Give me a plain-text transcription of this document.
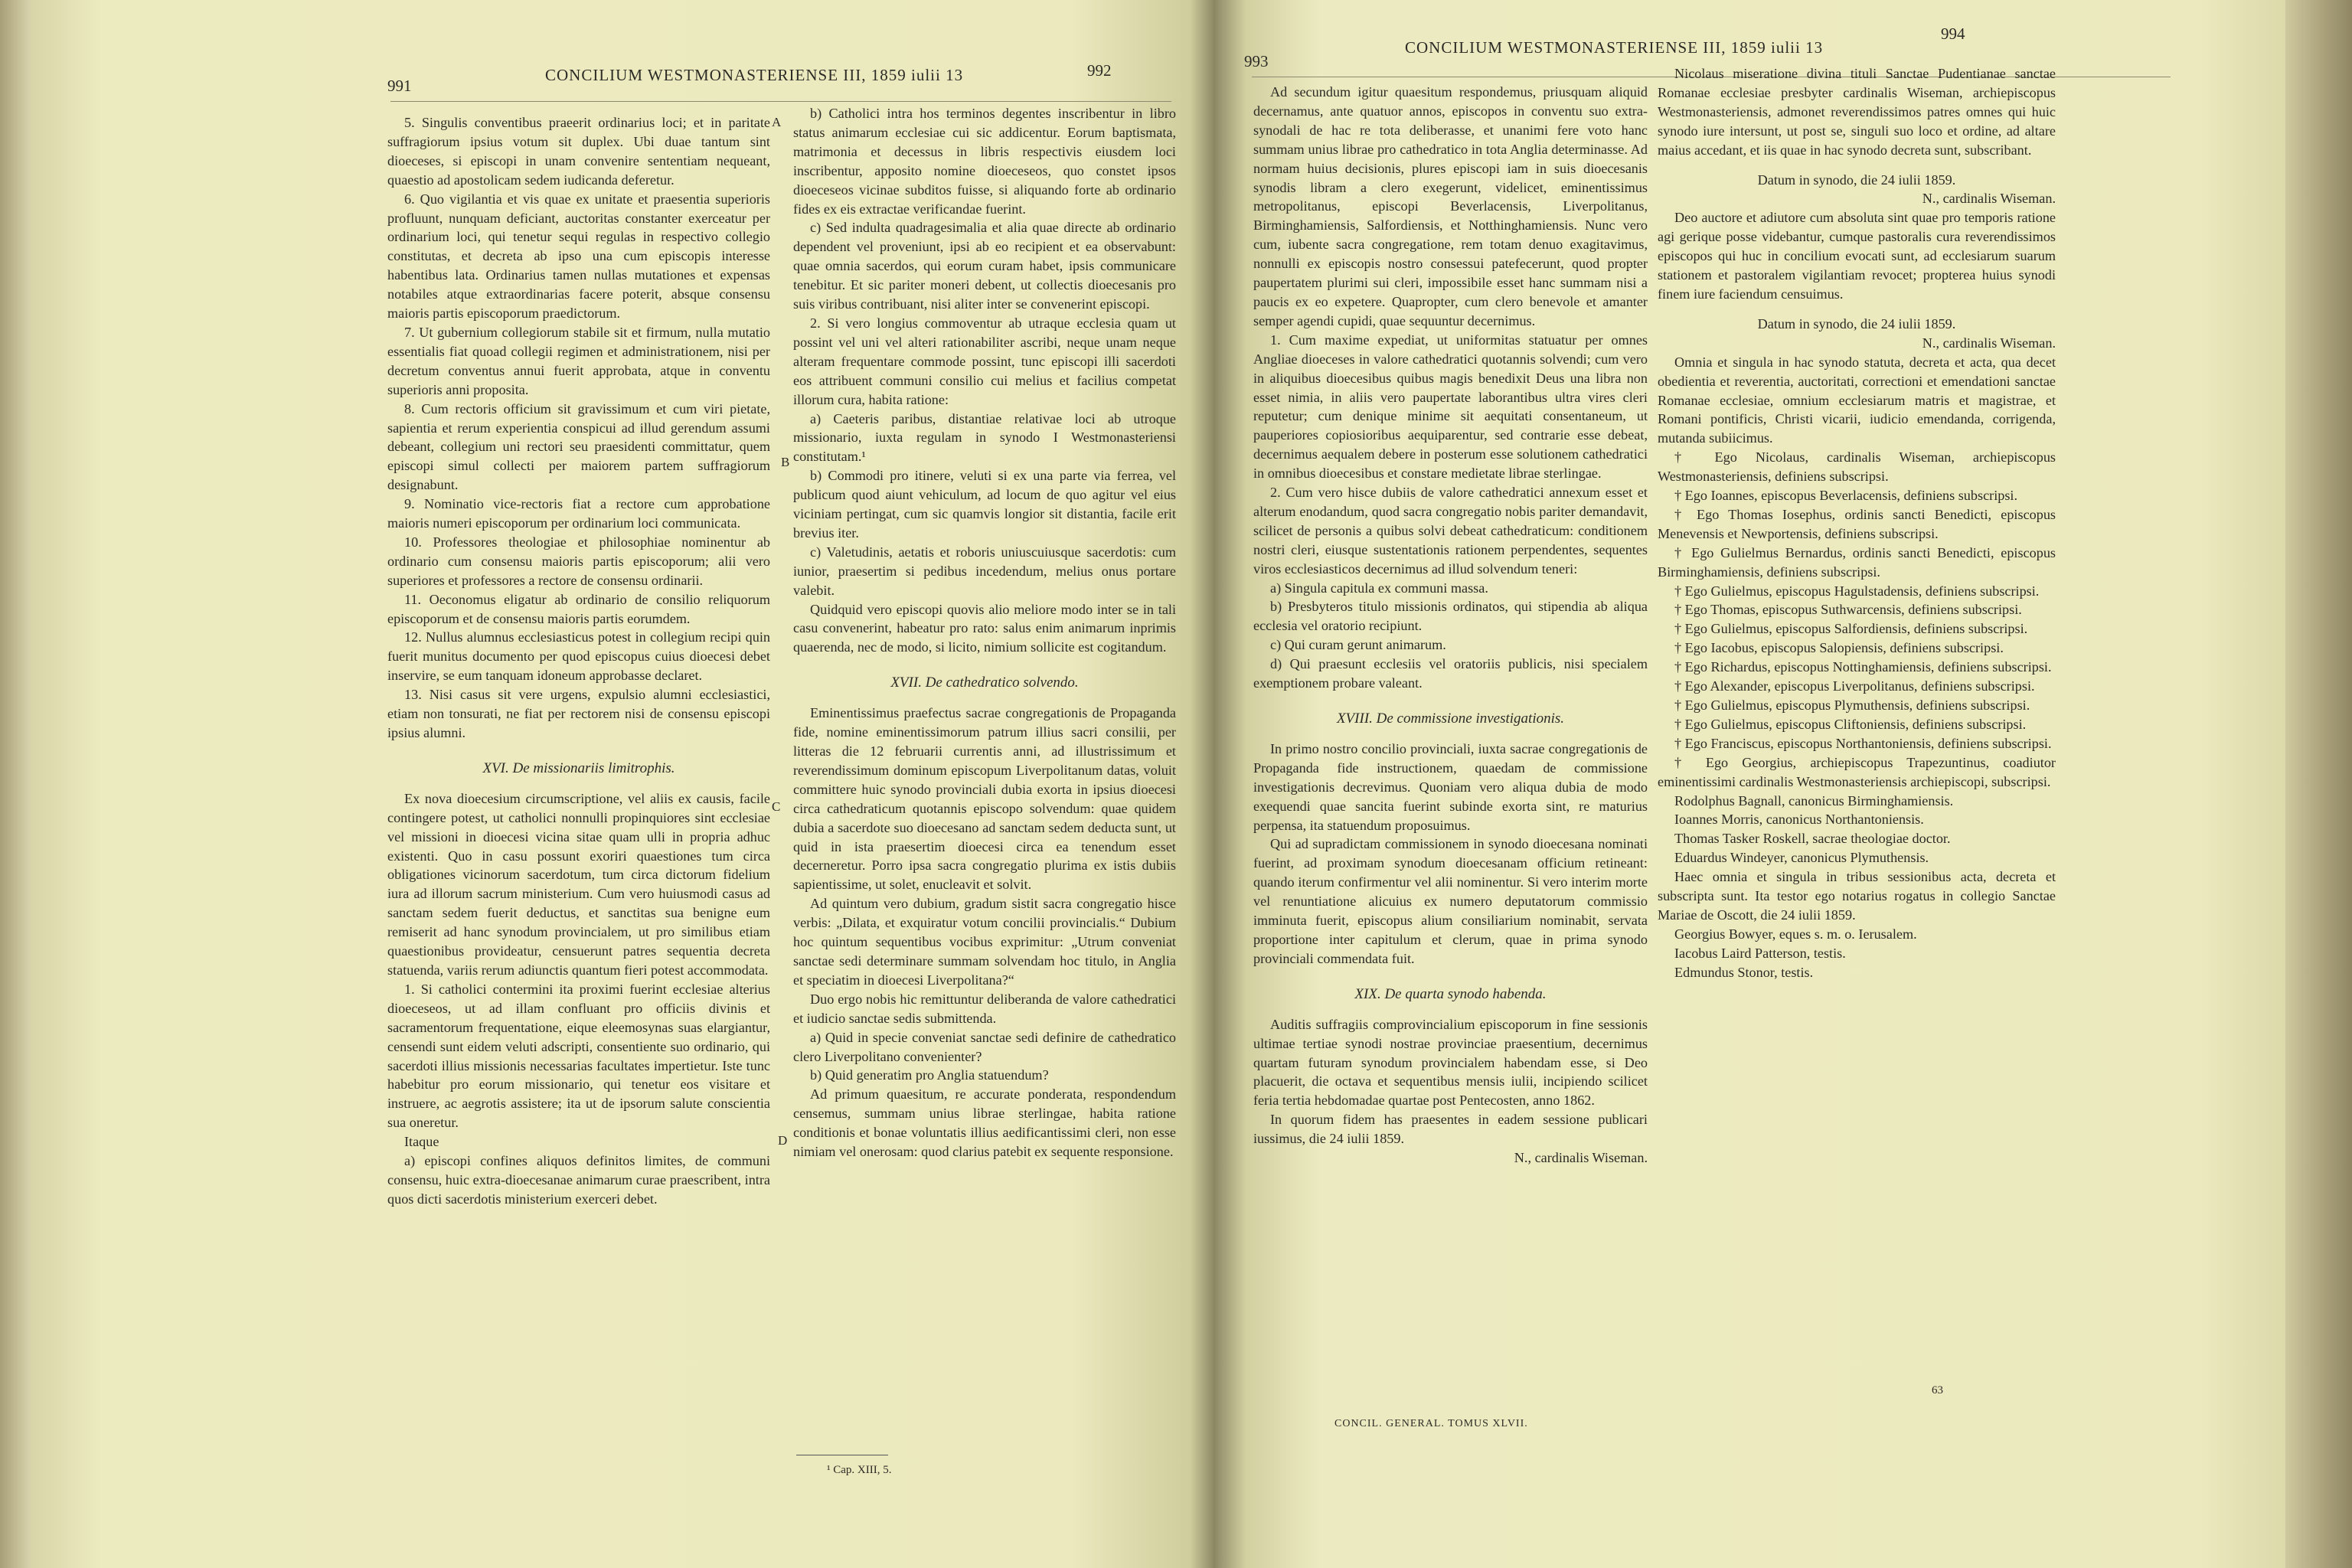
991
CONCILIUM WESTMONASTERIENSE III, 1859 iulii 13	992

5. Singulis conventibus praeerit ordinarius loci; et in paritate suffragiorum ipsius votum sit duplex. Ubi duae tantum sint dioeceses, si episcopi in unam convenire sententiam nequeant, quaestio ad apostolicam sedem iudicanda deferetur.

6. Quo vigilantia et vis quae ex unitate et praesentia superioris profluunt, nunquam deficiant, auctoritas constanter exerceatur per ordinarium loci, qui tenetur sequi regulas in respectivo collegio constitutas, et decreta ab ipso una cum episcopis interesse habentibus lata. Ordinarius tamen nullas mutationes et expensas notabiles atque extraordinarias facere poterit, absque consensu maioris partis episcoporum praedictorum.

7. Ut gubernium collegiorum stabile sit et firmum, nulla mutatio essentialis fiat quoad collegii regimen et administrationem, nisi per decretum conventus annui fuerit approbata, atque in conventu superioris anni proposita.

8. Cum rectoris officium sit gravissimum et cum viri pietate, sapientia et rerum experientia conspicui ad illud gerendum assumi debeant, collegium uni rectori seu praesidenti committatur, quem episcopi simul collecti per maiorem partem suffragiorum designabunt.

9. Nominatio vice-rectoris fiat a rectore cum approbatione maioris numeri episcoporum per ordinarium loci communicata.

10. Professores theologiae et philosophiae nominentur ab ordinario cum consensu maioris partis episcoporum; alii vero superiores et professores a rectore de consensu ordinarii.

11. Oeconomus eligatur ab ordinario de consilio reliquorum episcoporum et de consensu maioris partis eorumdem.

12. Nullus alumnus ecclesiasticus potest in collegium recipi quin fuerit munitus documento per quod episcopus cuius dioecesi debet inservire, se eum tanquam idoneum approbasse declaret.

13. Nisi casus sit vere urgens, expulsio alumni ecclesiastici, etiam non tonsurati, ne fiat per rectorem nisi de consensu episcopi ipsius alumni.

XVI. De missionariis limitrophis.

Ex nova dioecesium circumscriptione, vel aliis ex causis, facile contingere potest, ut catholici nonnulli propinquiores sint ecclesiae vel missioni in dioecesi vicina sitae quam ulli in propria adhuc existenti. Quo in casu possunt exoriri quaestiones tum circa obligationes vicinorum sacerdotum, tum circa dictorum fidelium iura ad illorum sacrum ministerium. Cum vero huiusmodi casus ad sanctam sedem fuerit deductus, et sanctitas sua benigne eum remiserit ad hanc synodum provincialem, ut pro similibus etiam quaestionibus provideatur, censuerunt patres sequentia decreta statuenda, variis rerum adiunctis quantum fieri potest accommodata.

1. Si catholici contermini ita proximi fuerint ecclesiae alterius dioeceseos, ut ad illam confluant pro officiis divinis et sacramentorum frequentatione, eique eleemosynas suas elargiantur, censendi sunt eidem veluti adscripti, consentiente suo ordinario, qui sacerdoti illius missionis necessarias facultates impertietur. Iste tunc habebitur pro eorum missionario, qui tenetur eos visitare et instruere, ac aegrotis assistere; ita ut de ipsorum salute conscientia sua oneretur.

Itaque

a) episcopi confines aliquos definitos limites, de communi consensu, huic extra-dioecesanae animarum curae praescribent, intra quos dicti sacerdotis ministerium exerceri debet.

b) Catholici intra hos terminos degentes inscribentur in libro status animarum ecclesiae cui sic addicentur. Eorum baptismata, matrimonia et decessus in libris respectivis eiusdem loci inscribentur, apposito nomine dioeceseos, quo constet ipsos dioeceseos vicinae subditos fuisse, si aliquando forte ab ordinario fides ex eis extractae verificandae fuerint.

c) Sed indulta quadragesimalia et alia quae directe ab ordinario dependent vel proveniunt, ipsi ab eo recipient et ea observabunt: quae omnia sacerdos, qui eorum curam habet, ipsis communicare tenebitur. Et sic pariter moneri debent, ut collectis dioecesanis pro suis viribus contribuant, nisi aliter inter se convenerint episcopi.

2. Si vero longius commoventur ab utraque ecclesia quam ut possint vel uni vel alteri rationabiliter ascribi, neque unam neque alteram frequentare commode possint, tunc episcopi illi sacerdoti eos attribuent communi consilio cui melius et facilius competat illorum cura, habita ratione:

a) Caeteris paribus, distantiae relativae loci ab utroque missionario, iuxta regulam in synodo I Westmonasteriensi constitutam.¹

b) Commodi pro itinere, veluti si ex una parte via ferrea, vel publicum quod aiunt vehiculum, ad locum de quo agitur vel eius viciniam pertingat, cum sic quamvis longior sit distantia, facile erit brevius iter.

c) Valetudinis, aetatis et roboris uniuscuiusque sacerdotis: cum iunior, praesertim si pedibus incedendum, melius onus portare valebit.

Quidquid vero episcopi quovis alio meliore modo inter se in tali casu convenerint, habeatur pro rato: salus enim animarum inprimis quaerenda, nec de modo, si licito, nimium sollicite est cogitandum.

XVII. De cathedratico solvendo.

Eminentissimus praefectus sacrae congregationis de Propaganda fide, nomine eminentissimorum patrum illius sacri consilii, per litteras die 12 februarii currentis anni, ad illustrissimum et reverendissimum dominum episcopum Liverpolitanum datas, voluit committere huic synodo provinciali dubia exorta in ipsius dioecesi circa cathedraticum quotannis episcopo solvendum: quae quidem dubia a sacerdote suo dioecesano ad sanctam sedem deducta sunt, ut quid in ista praesertim dioecesi circa ea tenendum esset decerneretur. Porro ipsa sacra congregatio plurima ex istis dubiis sapientissime, ut solet, enucleavit et solvit.

Ad quintum vero dubium, gradum sistit sacra congregatio hisce verbis: „Dilata, et exquiratur votum concilii provincialis.“ Dubium hoc quintum sequentibus vocibus exprimitur: „Utrum conveniat sanctae sedi determinare summam solvendam hoc titulo, in Anglia et speciatim in dioecesi Liverpolitana?“

Duo ergo nobis hic remittuntur deliberanda de valore cathedratici et iudicio sanctae sedis submittenda.

a) Quid in specie conveniat sanctae sedi definire de cathedratico clero Liverpolitano convenienter?

b) Quid generatim pro Anglia statuendum?

Ad primum quaesitum, re accurate ponderata, respondendum censemus, summam unius librae sterlingae, habita ratione conditionis et bonae voluntatis illius aedificantissimi cleri, non esse nimiam vel onerosam: quod clarius patebit ex sequente responsione.

A
B
C
D
¹ Cap. XIII, 5.
993
CONCILIUM WESTMONASTERIENSE III, 1859 iulii 13
994

Ad secundum igitur quaesitum respondemus, priusquam aliquid decernamus, ante quatuor annos, episcopos in conventu suo extra-synodali de hac re tota deliberasse, et unanimi fere voto hanc summam unius librae pro cathedratico in tota Anglia determinasse. Ad normam huius decisionis, plures episcopi iam in suis dioecesanis synodis libram a clero exegerunt, videlicet, eminentissimus metropolitanus, episcopi Beverlacensis, Liverpolitanus, Birminghamiensis, Salfordiensis, et Notthinghamiensis. Nunc vero cum, iubente sacra congregatione, rem totam denuo exagitavimus, nonnulli ex episcopis nostro consessui patefecerunt, quod propter paupertatem plurimi sui cleri, impossibile esset hanc summam nisi a paucis ex eo expetere. Quapropter, cum clero benevole et amanter semper agendi cupidi, quae sequuntur decernimus.

1. Cum maxime expediat, ut uniformitas statuatur per omnes Angliae dioeceses in valore cathedratici quotannis solvendi; cum vero in aliquibus dioecesibus quibus magis benedixit Deus una libra non esset nimia, in aliis vero paupertate laborantibus ultra vires cleri reputetur; cum denique minime sit aequitati consentaneum, ut pauperiores copiosioribus aequiparentur, sed contrarie esse debeat, decernimus aequalem debere in posterum esse solutionem cathedratici in omnibus dioecesibus et constare medietate librae sterlingae.

2. Cum vero hisce dubiis de valore cathedratici annexum esset et alterum enodandum, quod sacra congregatio nobis pariter demandavit, scilicet de personis a quibus solvi debeat cathedraticum: conditionem nostri cleri, eiusque sustentationis rationem perpendentes, sequentes viros ecclesiasticos decernimus ad illud solvendum teneri:

a) Singula capitula ex communi massa.

b) Presbyteros titulo missionis ordinatos, qui stipendia ab aliqua ecclesia vel oratorio recipiunt.

c) Qui curam gerunt animarum.

d) Qui praesunt ecclesiis vel oratoriis publicis, nisi specialem exemptionem probare valeant.

XVIII. De commissione investigationis.

In primo nostro concilio provinciali, iuxta sacrae congregationis de Propaganda fide instructionem, quaedam de commissione investigationis decrevimus. Quoniam vero aliqua dubia de modo exequendi quae sancita fuerint subinde exorta sint, re maturius perpensa, ita statuendum proposuimus.

Qui ad supradictam commissionem in synodo dioecesana nominati fuerint, ad proximam synodum dioecesanam officium retineant: quando iterum confirmentur vel alii nominentur. Si vero interim morte vel renuntiatione alicuius ex numero deputatorum commissio imminuta fuerit, episcopus alium consiliarium nominabit, servata proportione inter capitulum et clerum, quae in prima synodo provinciali commendata fuit.

XIX. De quarta synodo habenda.

Auditis suffragiis comprovincialium episcoporum in fine sessionis ultimae tertiae synodi nostrae provinciae praesentium, decernimus quartam futuram synodum provincialem habendam esse, si Deo placuerit, die octava et sequentibus mensis iulii, incipiendo scilicet feria tertia hebdomadae quartae post Pentecosten, anno 1862.

In quorum fidem has praesentes in eadem sessione publicari iussimus, die 24 iulii 1859.

N., cardinalis Wiseman.

Nicolaus miseratione divina tituli Sanctae Pudentianae sanctae Romanae ecclesiae presbyter cardinalis Wiseman, archiepiscopus Westmonasteriensis, admonet reverendissimos patres omnes qui huic synodo iure intersunt, ut post se, singuli suo loco et ordine, ad altare maius accedant, et iis quae in hac synodo decreta sunt, subscribant.

Datum in synodo, die 24 iulii 1859.

N., cardinalis Wiseman.

Deo auctore et adiutore cum absoluta sint quae pro temporis ratione agi gerique posse videbantur, cumque pastoralis cura reverendissimos episcopos qui huc in concilium evocati sunt, ad ecclesiarum suarum stationem et pastoralem vigilantiam revocet; propterea huius synodi finem iure faciendum censuimus.

Datum in synodo, die 24 iulii 1859.

N., cardinalis Wiseman.

Omnia et singula in hac synodo statuta, decreta et acta, qua decet obedientia et reverentia, auctoritati, correctioni et emendationi sanctae Romanae ecclesiae, omnium ecclesiarum matris et magistrae, et Romani pontificis, Christi vicarii, iudicio emendanda, corrigenda, mutanda subiicimus.

† Ego Nicolaus, cardinalis Wiseman, archiepiscopus Westmonasteriensis, definiens subscripsi.

† Ego Ioannes, episcopus Beverlacensis, definiens subscripsi.

† Ego Thomas Iosephus, ordinis sancti Benedicti, episcopus Menevensis et Newportensis, definiens subscripsi.

† Ego Gulielmus Bernardus, ordinis sancti Benedicti, episcopus Birminghamiensis, definiens subscripsi.

† Ego Gulielmus, episcopus Hagulstadensis, definiens subscripsi.

† Ego Thomas, episcopus Suthwarcensis, definiens subscripsi.

† Ego Gulielmus, episcopus Salfordiensis, definiens subscripsi.

† Ego Iacobus, episcopus Salopiensis, definiens subscripsi.

† Ego Richardus, episcopus Nottinghamiensis, definiens subscripsi.

† Ego Alexander, episcopus Liverpolitanus, definiens subscripsi.

† Ego Gulielmus, episcopus Plymuthensis, definiens subscripsi.

† Ego Gulielmus, episcopus Cliftoniensis, definiens subscripsi.

† Ego Franciscus, episcopus Northantoniensis, definiens subscripsi.

† Ego Georgius, archiepiscopus Trapezuntinus, coadiutor eminentissimi cardinalis Westmonasteriensis archiepiscopi, subscripsi.

Rodolphus Bagnall, canonicus Birminghamiensis.

Ioannes Morris, canonicus Northantoniensis.

Thomas Tasker Roskell, sacrae theologiae doctor.

Eduardus Windeyer, canonicus Plymuthensis.

Haec omnia et singula in tribus sessionibus acta, decreta et subscripta sunt. Ita testor ego notarius rogatus in collegio Sanctae Mariae de Oscott, die 24 iulii 1859.

Georgius Bowyer, eques s. m. o. Ierusalem.

Iacobus Laird Patterson, testis.

Edmundus Stonor, testis.

CONCIL. GENERAL. TOMUS XLVII.
63
